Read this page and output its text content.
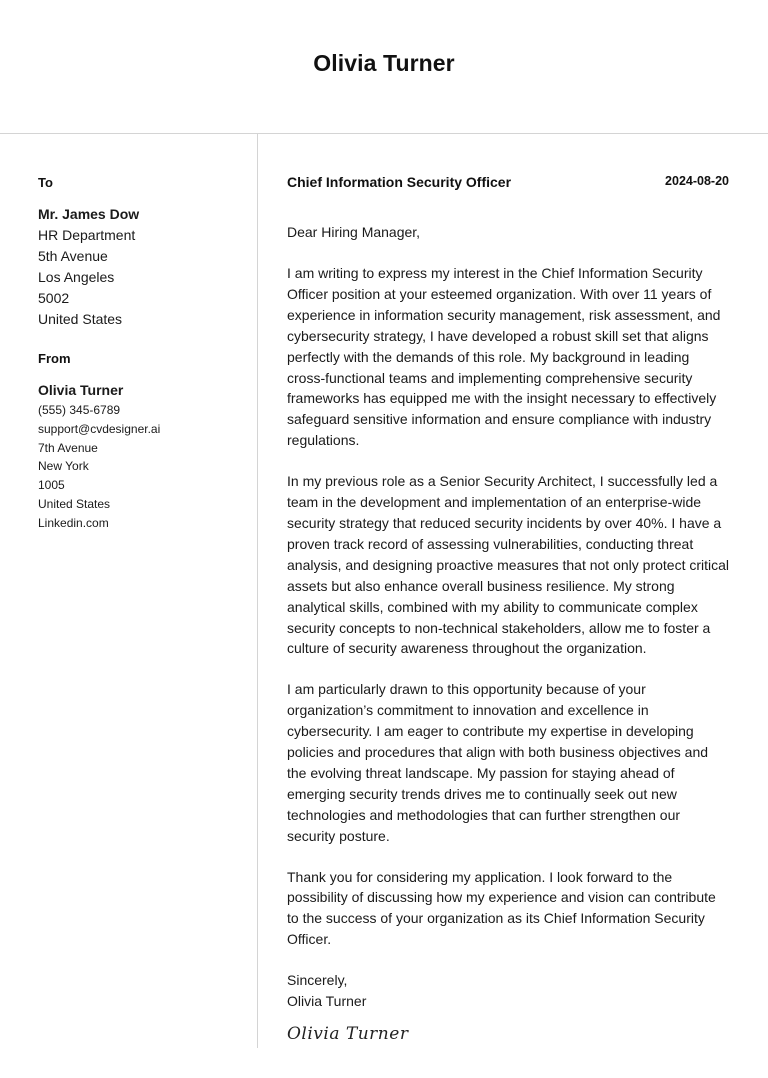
Olivia Turner
To
Mr. James Dow
HR Department
5th Avenue
Los Angeles
5002
United States
From
Olivia Turner
(555) 345-6789
support@cvdesigner.ai
7th Avenue
New York
1005
United States
Linkedin.com
Chief Information Security Officer	2024-08-20
Dear Hiring Manager,

I am writing to express my interest in the Chief Information Security Officer position at your esteemed organization. With over 11 years of experience in information security management, risk assessment, and cybersecurity strategy, I have developed a robust skill set that aligns perfectly with the demands of this role. My background in leading cross-functional teams and implementing comprehensive security frameworks has equipped me with the insight necessary to effectively safeguard sensitive information and ensure compliance with industry regulations.

In my previous role as a Senior Security Architect, I successfully led a team in the development and implementation of an enterprise-wide security strategy that reduced security incidents by over 40%. I have a proven track record of assessing vulnerabilities, conducting threat analysis, and designing proactive measures that not only protect critical assets but also enhance overall business resilience. My strong analytical skills, combined with my ability to communicate complex security concepts to non-technical stakeholders, allow me to foster a culture of security awareness throughout the organization.

I am particularly drawn to this opportunity because of your organization’s commitment to innovation and excellence in cybersecurity. I am eager to contribute my expertise in developing policies and procedures that align with both business objectives and the evolving threat landscape. My passion for staying ahead of emerging security trends drives me to continually seek out new technologies and methodologies that can further strengthen our security posture.

Thank you for considering my application. I look forward to the possibility of discussing how my experience and vision can contribute to the success of your organization as its Chief Information Security Officer.

Sincerely,
Olivia Turner
Olivia Turner
